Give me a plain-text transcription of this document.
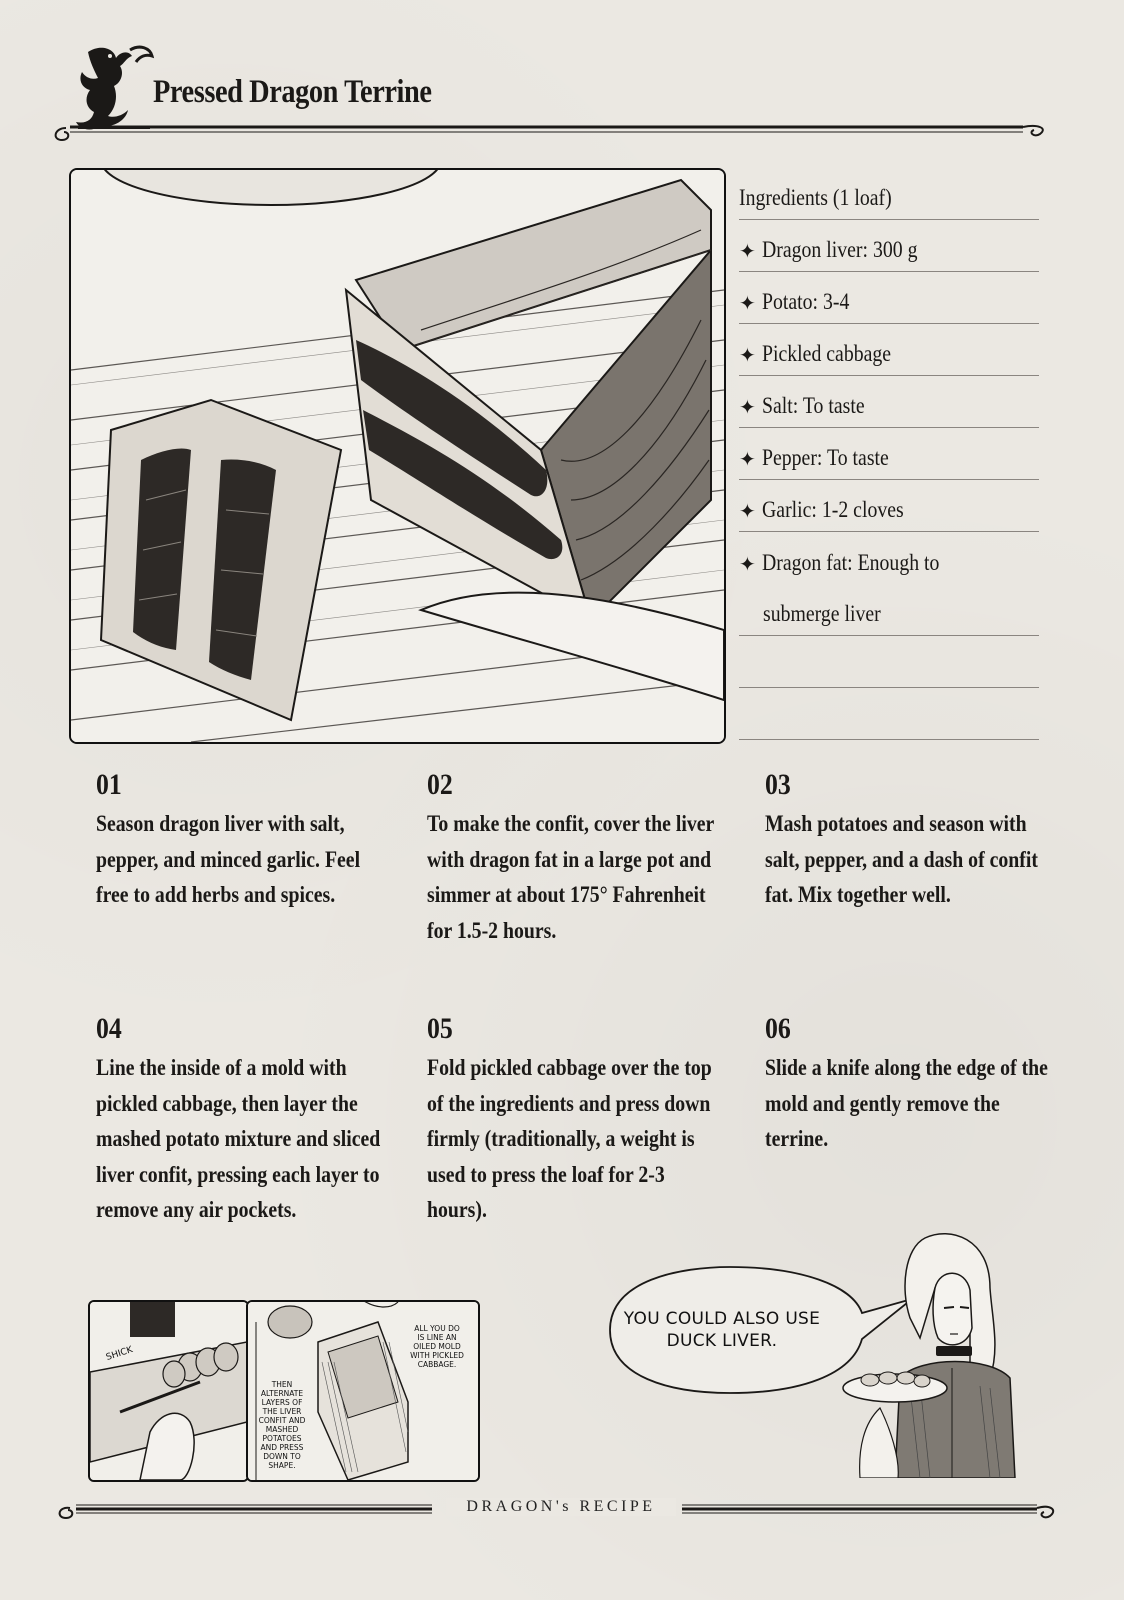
Pressed Dragon Terrine
Ingredients (1 loaf)
✦ Dragon liver: 300 g
✦ Potato: 3-4
✦ Pickled cabbage
✦ Salt: To taste
✦ Pepper: To taste
✦ Garlic: 1-2 cloves
✦ Dragon fat: Enough to
submerge liver
01
Season dragon liver with salt, pepper, and minced garlic. Feel free to add herbs and spices.
02
To make the confit, cover the liver with dragon fat in a large pot and simmer at about 175° Fahrenheit for 1.5-2 hours.
03
Mash potatoes and season with salt, pepper, and a dash of confit fat. Mix together well.
04
Line the inside of a mold with pickled cabbage, then layer the mashed potato mixture and sliced liver confit, pressing each layer to remove any air pockets.
05
Fold pickled cabbage over the top of the ingredients and press down firmly (traditionally, a weight is used to press the loaf for 2-3 hours).
06
Slide a knife along the edge of the mold and gently remove the terrine.
SHICK
ALL YOU DO IS LINE AN OILED MOLD WITH PICKLED CABBAGE.
THEN ALTERNATE LAYERS OF THE LIVER CONFIT AND MASHED POTATOES AND PRESS DOWN TO SHAPE.
YOU COULD ALSO USE DUCK LIVER.
DRAGON's RECIPE
